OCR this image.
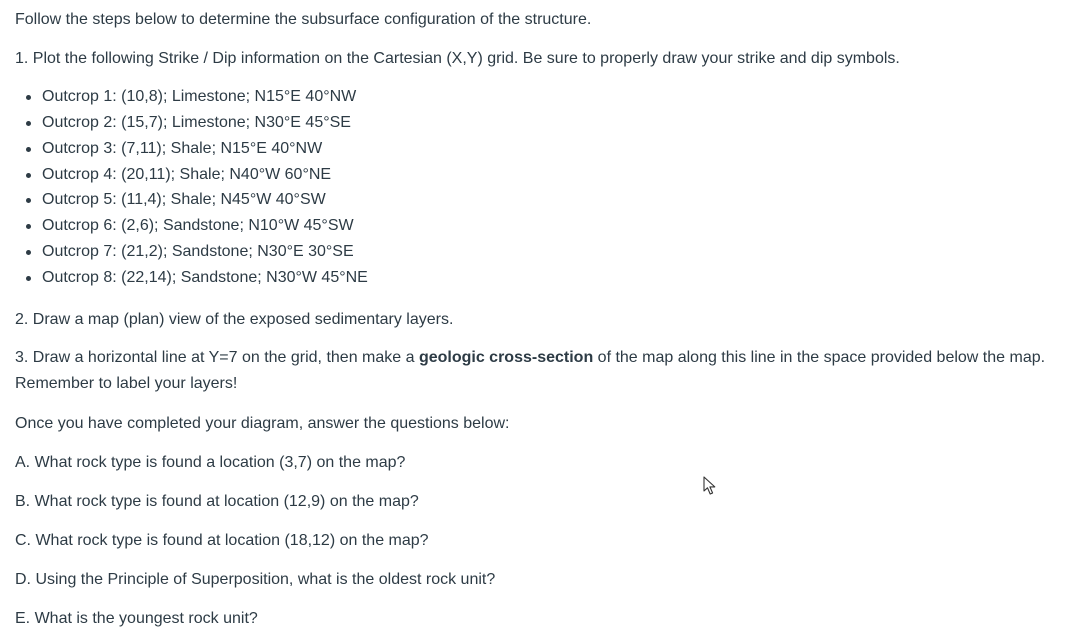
Follow the steps below to determine the subsurface configuration of the structure.

1. Plot the following Strike / Dip information on the Cartesian (X,Y) grid. Be sure to properly draw your strike and dip symbols.

Outcrop 1: (10,8); Limestone; N15°E 40°NW
Outcrop 2: (15,7); Limestone; N30°E 45°SE
Outcrop 3: (7,11); Shale; N15°E 40°NW
Outcrop 4: (20,11); Shale; N40°W 60°NE
Outcrop 5: (11,4); Shale; N45°W 40°SW
Outcrop 6: (2,6); Sandstone; N10°W 45°SW
Outcrop 7: (21,2); Sandstone; N30°E 30°SE
Outcrop 8: (22,14); Sandstone; N30°W 45°NE

2. Draw a map (plan) view of the exposed sedimentary layers.

3. Draw a horizontal line at Y=7 on the grid, then make a geologic cross-section of the map along this line in the space provided below the map. Remember to label your layers!

Once you have completed your diagram, answer the questions below:

A. What rock type is found a location (3,7) on the map?

B. What rock type is found at location (12,9) on the map?

C. What rock type is found at location (18,12) on the map?

D. Using the Principle of Superposition, what is the oldest rock unit?

E. What is the youngest rock unit?
